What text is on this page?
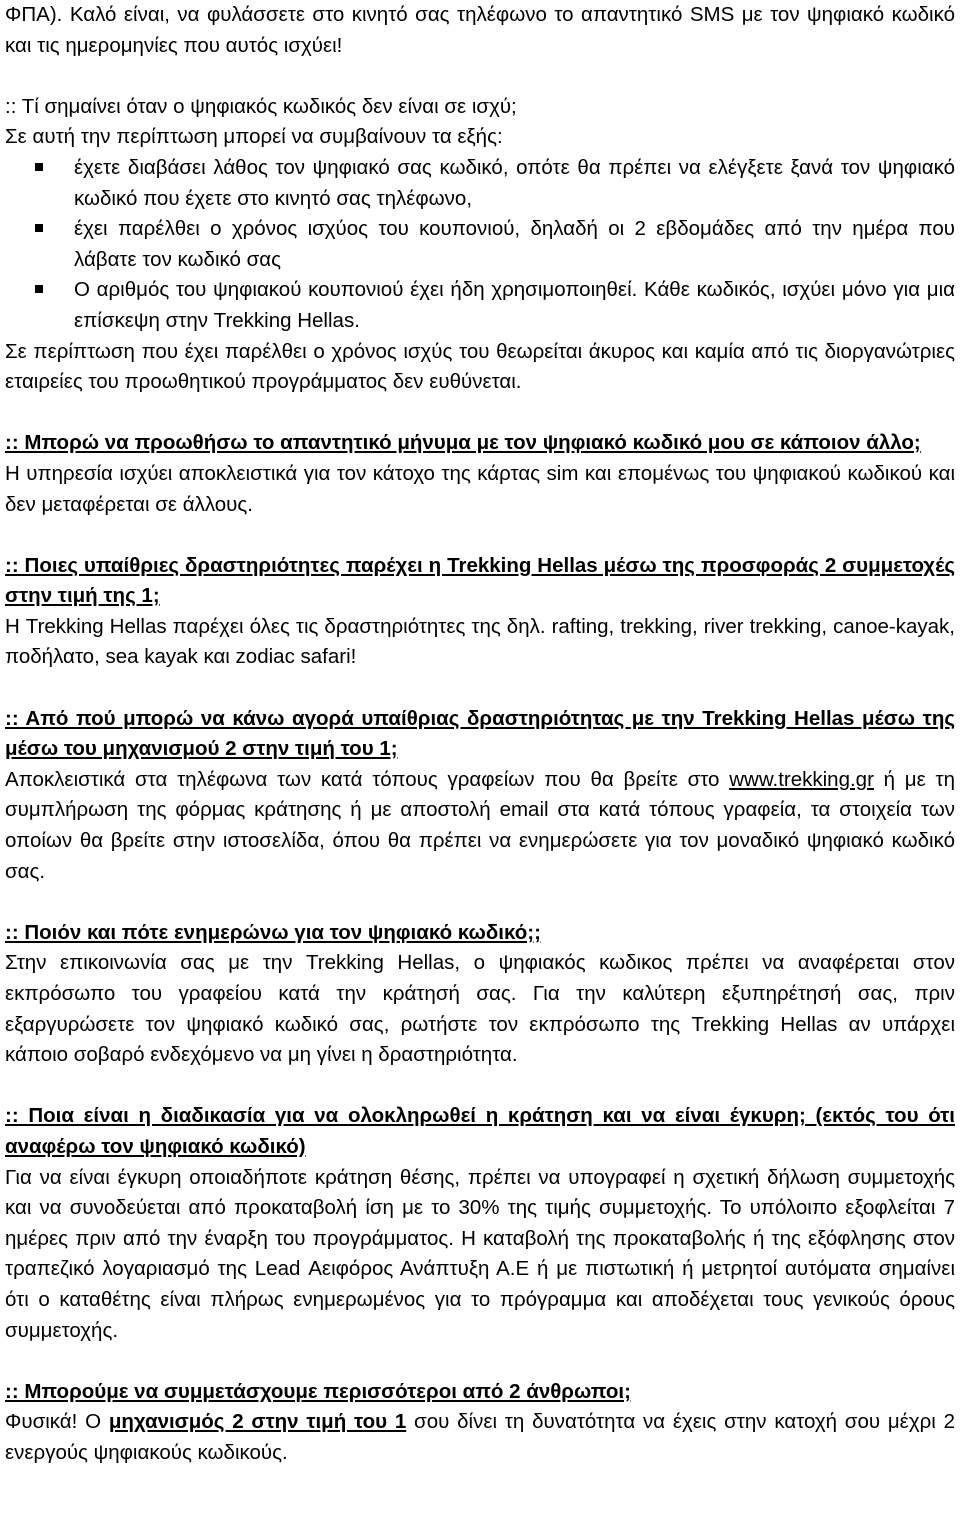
ΦΠΑ). Καλό είναι, να φυλάσσετε στο κινητό σας τηλέφωνο το απαντητικό SMS με τον ψηφιακό κωδικό και τις ημερομηνίες που αυτός ισχύει!

:: Τί σημαίνει όταν ο ψηφιακός κωδικός δεν είναι σε ισχύ;

Σε αυτή την περίπτωση μπορεί να συμβαίνουν τα εξής:

έχετε διαβάσει λάθος τον ψηφιακό σας κωδικό, οπότε θα πρέπει να ελέγξετε ξανά τον ψηφιακό κωδικό που έχετε στο κινητό σας τηλέφωνο,
έχει παρέλθει ο χρόνος ισχύος του κουπονιού, δηλαδή οι 2 εβδομάδες από την ημέρα που λάβατε τον κωδικό σας
Ο αριθμός του ψηφιακού κουπονιού έχει ήδη χρησιμοποιηθεί. Κάθε κωδικός, ισχύει μόνο για μια επίσκεψη στην Trekking Hellas.

Σε περίπτωση που έχει παρέλθει ο χρόνος ισχύς του θεωρείται άκυρος και καμία από τις διοργανώτριες εταιρείες του προωθητικού προγράμματος δεν ευθύνεται.

:: Μπορώ να προωθήσω το απαντητικό μήνυμα με τον ψηφιακό κωδικό μου σε κάποιον άλλο;

Η υπηρεσία ισχύει αποκλειστικά για τον κάτοχο της κάρτας sim και επομένως του ψηφιακού κωδικού και δεν μεταφέρεται σε άλλους.

:: Ποιες υπαίθριες δραστηριότητες παρέχει η Trekking Hellas μέσω της προσφοράς 2 συμμετοχές στην τιμή της 1;

Η Trekking Hellas παρέχει όλες τις δραστηριότητες της δηλ. rafting, trekking, river trekking, canoe-kayak, ποδήλατο, sea kayak και zodiac safari!

:: Από πού μπορώ να κάνω αγορά υπαίθριας δραστηριότητας με την Trekking Hellas μέσω της μέσω του μηχανισμού 2 στην τιμή του 1;

Αποκλειστικά στα τηλέφωνα των κατά τόπους γραφείων που θα βρείτε στο www.trekking.gr ή με τη συμπλήρωση της φόρμας κράτησης ή με αποστολή email στα κατά τόπους γραφεία, τα στοιχεία των οποίων θα βρείτε στην ιστοσελίδα, όπου θα πρέπει να ενημερώσετε για τον μοναδικό ψηφιακό κωδικό σας.

:: Ποιόν και πότε ενημερώνω για τον ψηφιακό κωδικό;;

Στην επικοινωνία σας με την Trekking Hellas, ο ψηφιακός κωδικος πρέπει να αναφέρεται στον εκπρόσωπο του γραφείου κατά την κράτησή σας. Για την καλύτερη εξυπηρέτησή σας, πριν εξαργυρώσετε τον ψηφιακό κωδικό σας, ρωτήστε τον εκπρόσωπο της Trekking Hellas αν υπάρχει κάποιο σοβαρό ενδεχόμενο να μη γίνει η δραστηριότητα.

:: Ποια είναι η διαδικασία για να ολοκληρωθεί η κράτηση και να είναι έγκυρη; (εκτός του ότι αναφέρω τον ψηφιακό κωδικό)

Για να είναι έγκυρη οποιαδήποτε κράτηση θέσης, πρέπει να υπογραφεί η σχετική δήλωση συμμετοχής και να συνοδεύεται από προκαταβολή ίση με το 30% της τιμής συμμετοχής. Το υπόλοιπο εξοφλείται 7 ημέρες πριν από την έναρξη του προγράμματος. Η καταβολή της προκαταβολής ή της εξόφλησης στον τραπεζικό λογαριασμό της Lead Αειφόρος Ανάπτυξη Α.Ε ή με πιστωτική ή μετρητοί αυτόματα σημαίνει ότι ο καταθέτης είναι πλήρως ενημερωμένος για το πρόγραμμα και αποδέχεται τους γενικούς όρους συμμετοχής.

:: Μπορούμε να συμμετάσχουμε περισσότεροι από 2 άνθρωποι;

Φυσικά! Ο μηχανισμός 2 στην τιμή του 1 σου δίνει τη δυνατότητα να έχεις στην κατοχή σου μέχρι 2 ενεργούς ψηφιακούς κωδικούς.
